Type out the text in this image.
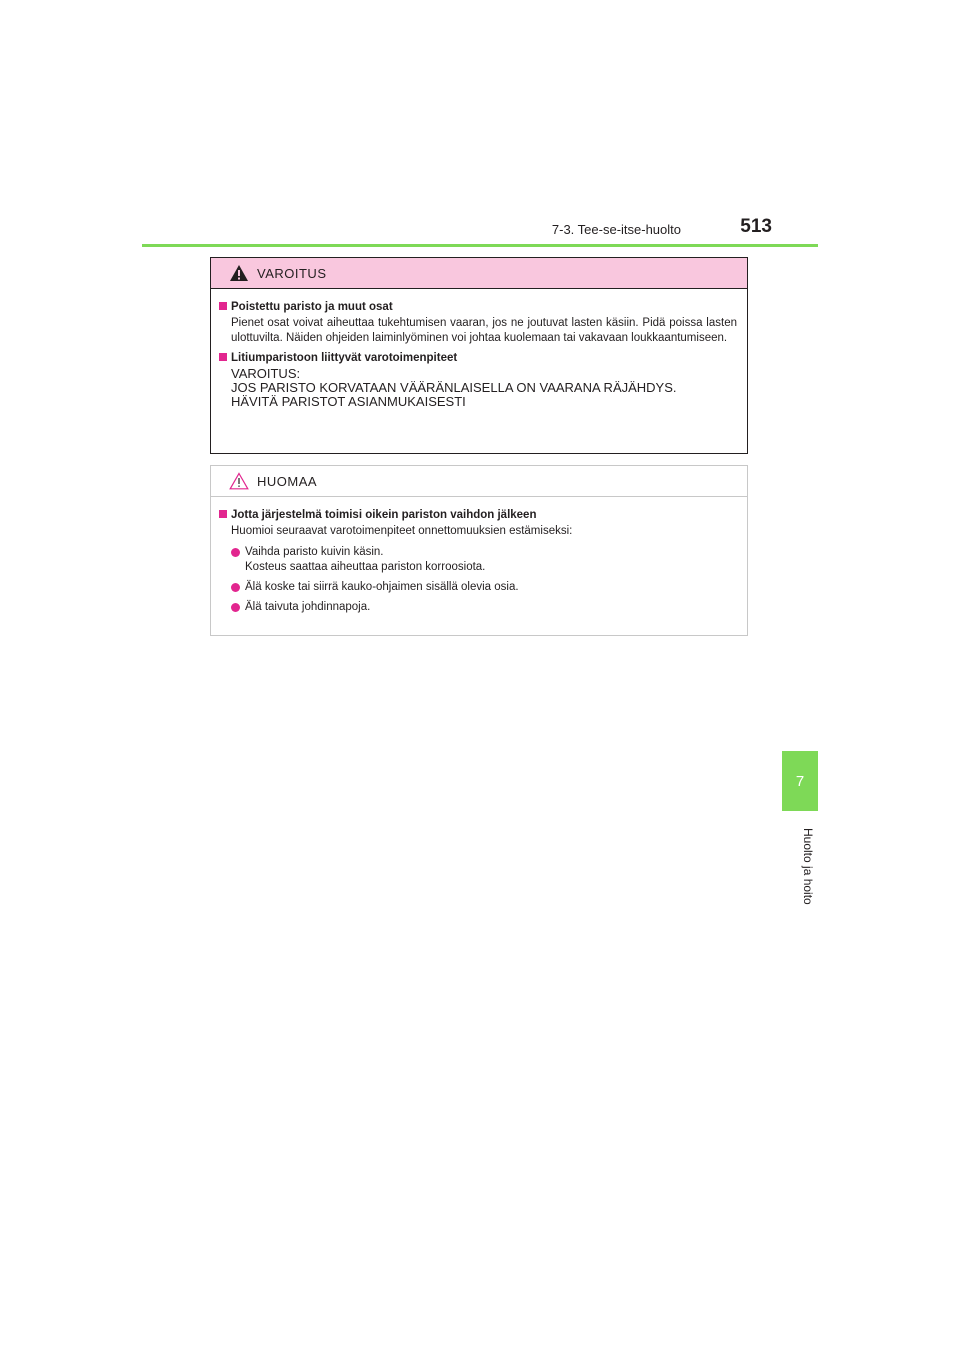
7-3. Tee-se-itse-huolto	513
7
Huolto ja hoito
VAROITUS
Poistettu paristo ja muut osat
Pienet osat voivat aiheuttaa tukehtumisen vaaran, jos ne joutuvat lasten käsiin. Pidä poissa lasten ulottuvilta. Näiden ohjeiden laiminlyöminen voi johtaa kuolemaan tai vakavaan loukkaantumiseen.
Litiumparistoon liittyvät varotoimenpiteet
VAROITUS:
JOS PARISTO KORVATAAN VÄÄRÄNLAISELLA ON VAARANA RÄJÄHDYS.
HÄVITÄ PARISTOT ASIANMUKAISESTI
HUOMAA
Jotta järjestelmä toimisi oikein pariston vaihdon jälkeen
Huomioi seuraavat varotoimenpiteet onnettomuuksien estämiseksi:
Vaihda paristo kuivin käsin.
Kosteus saattaa aiheuttaa pariston korroosiota.
Älä koske tai siirrä kauko-ohjaimen sisällä olevia osia.
Älä taivuta johdinnapoja.
